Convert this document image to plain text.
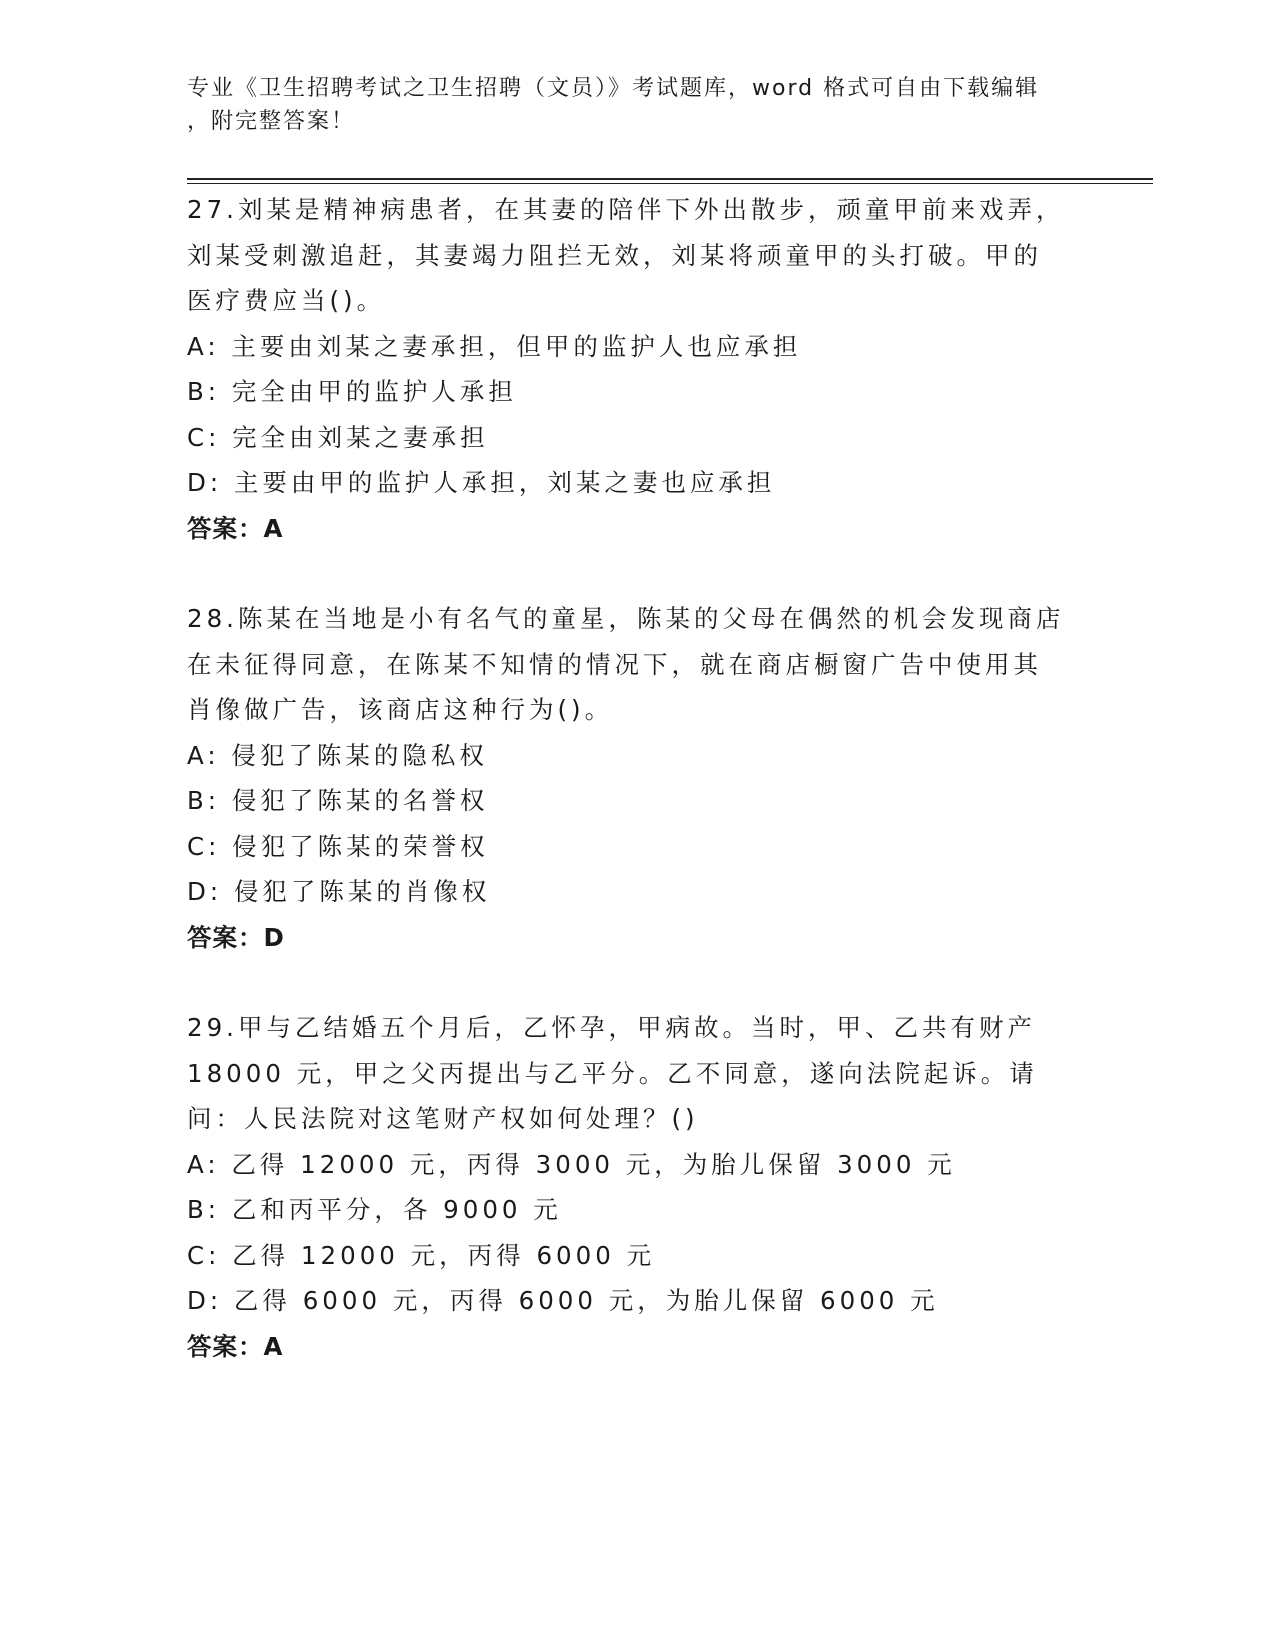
专业《卫生招聘考试之卫生招聘（文员）》考试题库，word 格式可自由下载编辑
，附完整答案！
27.刘某是精神病患者，在其妻的陪伴下外出散步，顽童甲前来戏弄，刘某受刺激追赶，其妻竭力阻拦无效，刘某将顽童甲的头打破。甲的医疗费应当()。
A: 主要由刘某之妻承担，但甲的监护人也应承担
B: 完全由甲的监护人承担
C: 完全由刘某之妻承担
D: 主要由甲的监护人承担，刘某之妻也应承担
答案：A
28.陈某在当地是小有名气的童星，陈某的父母在偶然的机会发现商店在未征得同意，在陈某不知情的情况下，就在商店橱窗广告中使用其肖像做广告，该商店这种行为()。
A: 侵犯了陈某的隐私权
B: 侵犯了陈某的名誉权
C: 侵犯了陈某的荣誉权
D: 侵犯了陈某的肖像权
答案：D
29.甲与乙结婚五个月后，乙怀孕，甲病故。当时，甲、乙共有财产18000 元，甲之父丙提出与乙平分。乙不同意，遂向法院起诉。请问：人民法院对这笔财产权如何处理？()
A: 乙得 12000 元，丙得 3000 元，为胎儿保留 3000 元
B: 乙和丙平分，各 9000 元
C: 乙得 12000 元，丙得 6000 元
D: 乙得 6000 元，丙得 6000 元，为胎儿保留 6000 元
答案：A
